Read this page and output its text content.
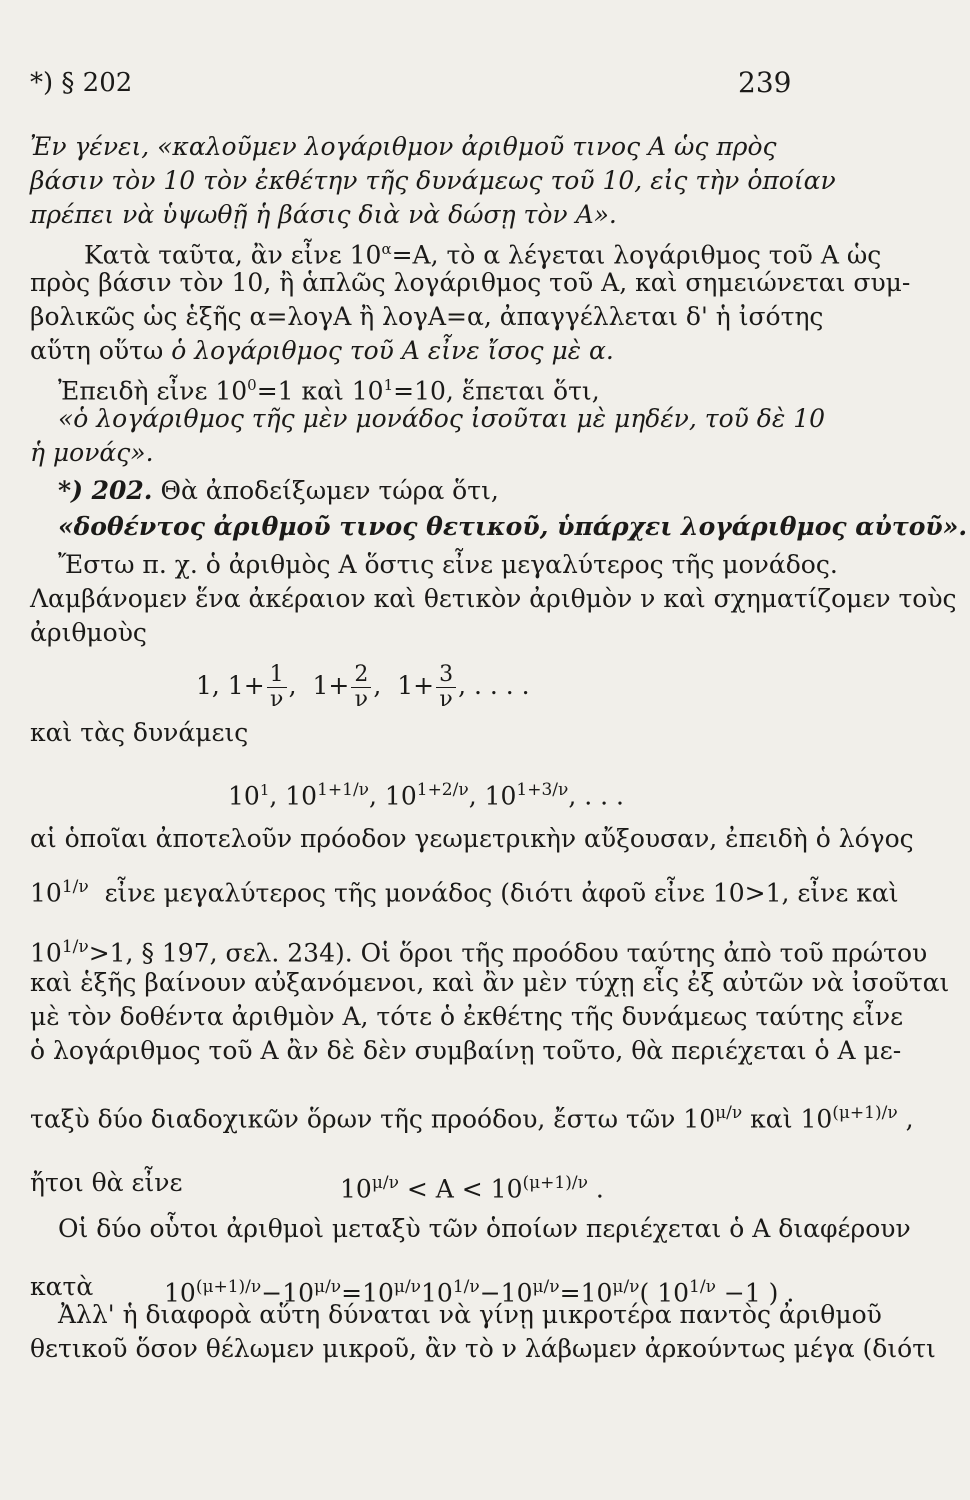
*) § 202	239
Ἐν γένει, «καλοῦμεν λογάριθμον ἀριθμοῦ τινος Α ὡς πρὸς
βάσιν τὸν 10 τὸν ἐκθέτην τῆς δυνάμεως τοῦ 10, εἰς τὴν ὁποίαν
πρέπει νὰ ὑψωθῇ ἡ βάσις διὰ νὰ δώσῃ τὸν Α».
Κατὰ ταῦτα, ἂν εἶνε $10^\alpha=A$, τὸ α λέγεται λογάριθμος τοῦ Α ὡς
πρὸς βάσιν τὸν 10, ἢ ἁπλῶς λογάριθμος τοῦ Α, καὶ σημειώνεται συμ-
βολικῶς ὡς ἑξῆς α=λογΑ ἢ λογΑ=α, ἀπαγγέλλεται δ' ἡ ἰσότης
αὕτη οὕτω ὁ λογάριθμος τοῦ Α εἶνε ἴσος μὲ α.
Ἐπειδὴ εἶνε $10^0=1$ καὶ $10^1=10$, ἕπεται ὅτι,
«ὁ λογάριθμος τῆς μὲν μονάδος ἰσοῦται μὲ μηδέν, τοῦ δὲ 10
ἡ μονάς».
*) 202. Θὰ ἀποδείξωμεν τώρα ὅτι,
«δοθέντος ἀριθμοῦ τινος θετικοῦ, ὑπάρχει λογάριθμος αὐτοῦ».
Ἔστω π. χ. ὁ ἀριθμὸς Α ὅστις εἶνε μεγαλύτερος τῆς μονάδος.
Λαμβάνομεν ἕνα ἀκέραιον καὶ θετικὸν ἀριθμὸν ν καὶ σχηματίζομεν τοὺς
ἀριθμοὺς
1, $1+ \frac{1}{\nu}$ ,  $1+ \frac{2}{\nu}$ ,  $1+ \frac{3}{\nu}$ , . . . .
καὶ τὰς δυνάμεις
$10^1$, $10^{1+1/\nu}$, $10^{1+2/\nu}$, $10^{1+3/\nu}$, . . .
αἱ ὁποῖαι ἀποτελοῦν πρόοδον γεωμετρικὴν αὔξουσαν, ἐπειδὴ ὁ λόγος
$10^{1/\nu}$ εἶνε μεγαλύτερος τῆς μονάδος (διότι ἀφοῦ εἶνε 10>1, εἶνε καὶ
$10^{1/\nu}>1$, § 197, σελ. 234). Οἱ ὅροι τῆς προόδου ταύτης ἀπὸ τοῦ πρώτου
καὶ ἑξῆς βαίνουν αὐξανόμενοι, καὶ ἂν μὲν τύχῃ εἷς ἐξ αὐτῶν νὰ ἰσοῦται
μὲ τὸν δοθέντα ἀριθμὸν Α, τότε ὁ ἐκθέτης τῆς δυνάμεως ταύτης εἶνε
ὁ λογάριθμος τοῦ Α ἂν δὲ δὲν συμβαίνῃ τοῦτο, θὰ περιέχεται ὁ Α με-
ταξὺ δύο διαδοχικῶν ὅρων τῆς προόδου, ἔστω τῶν $10^{\mu/\nu}$ καὶ $10^{(\mu+1)/\nu}$ ,
ἤτοι θὰ εἶνε	$10^{\mu/\nu} < A < 10^{(\mu+1)/\nu}$ .
Οἱ δύο οὗτοι ἀριθμοὶ μεταξὺ τῶν ὁποίων περιέχεται ὁ Α διαφέρουν
κατὰ	$10^{(\mu+1)/\nu}-10^{\mu/\nu}=10^{\mu/\nu}10^{1/\nu}-10^{\mu/\nu}=10^{\mu/\nu}$( $10^{1/\nu} -1$ ) .
Ἀλλ' ἡ διαφορὰ αὕτη δύναται νὰ γίνῃ μικροτέρα παντὸς ἀριθμοῦ
θετικοῦ ὅσον θέλωμεν μικροῦ, ἂν τὸ ν λάβωμεν ἀρκούντως μέγα (διότι
